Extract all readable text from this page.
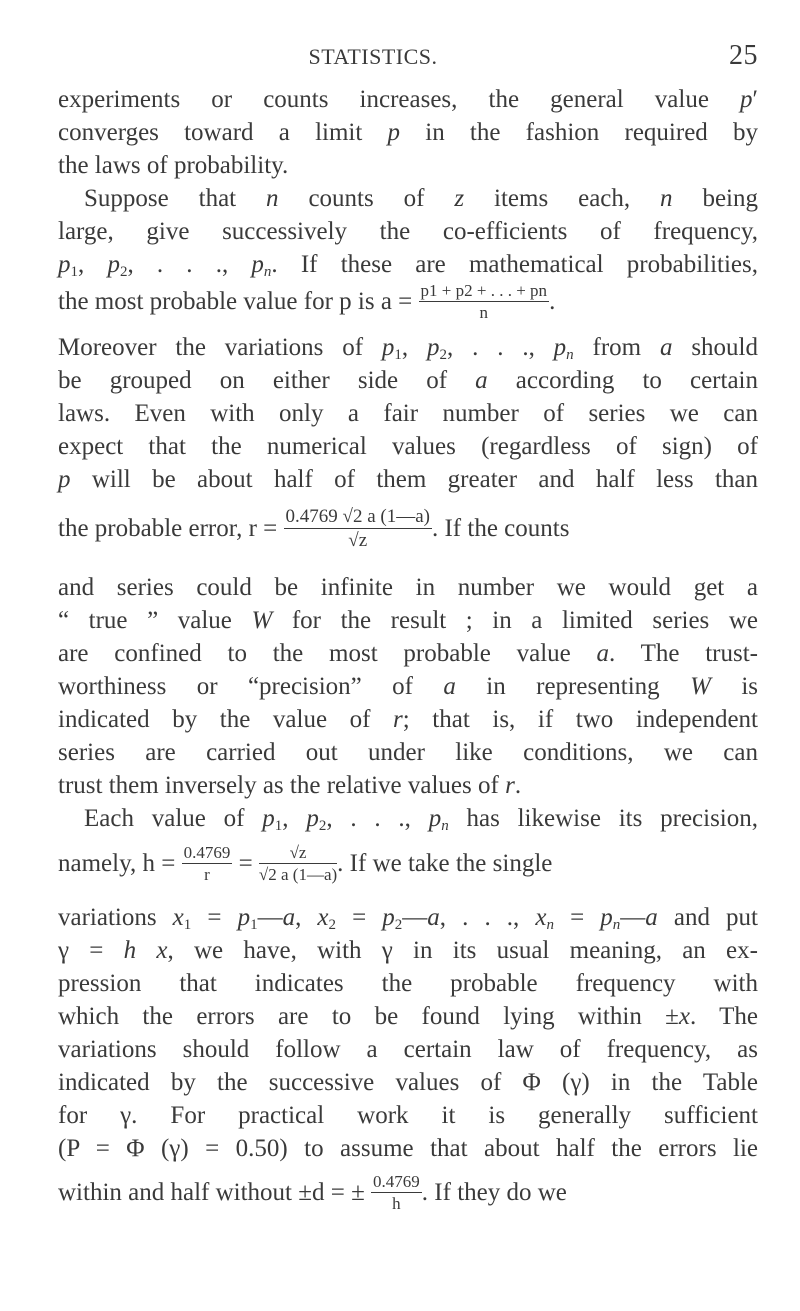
STATISTICS.	25
experiments or counts increases, the general value p′
converges toward a limit p in the fashion required by
the laws of probability.
Suppose that n counts of z items each, n being
large, give successively the co-efficients of frequency,
$p_1$, $p_2$, . . ., $p_n$. If these are mathematical probabilities,
the most probable value for p is $a = \frac{p1 + p2 + . . . + pn}{n}$ .
Moreover the variations of $p_1$, $p_2$, . . ., $p_n$ from a should
be grouped on either side of a according to certain
laws. Even with only a fair number of series we can
expect that the numerical values (regardless of sign) of
p will be about half of them greater and half less than
the probable error, $r = \frac{0.4769 √2 a (1—a)}{√z}$ . If the counts
and series could be infinite in number we would get a
“ true ” value W for the result ; in a limited series we
are confined to the most probable value a. The trust-
worthiness or “precision” of a in representing W is
indicated by the value of r; that is, if two independent
series are carried out under like conditions, we can
trust them inversely as the relative values of r.
Each value of $p_1$, $p_2$, . . ., $p_n$ has likewise its precision,
namely, $h = \frac{0.4769}{r} = \frac{√z}{√2 a (1—a)}$ . If we take the single
variations $x_1$ = $p_1—a$, $x_2$ = $p_2—a$, . . ., $x_n$ = $p_n—a$ and put
γ = h x, we have, with γ in its usual meaning, an ex-
pression that indicates the probable frequency with
which the errors are to be found lying within ±x. The
variations should follow a certain law of frequency, as
indicated by the successive values of Φ (γ) in the Table
for γ. For practical work it is generally sufficient
(P = Φ (γ) = 0.50) to assume that about half the errors lie
within and half without ±d = ± $\frac{0.4769}{h}$ . If they do we
